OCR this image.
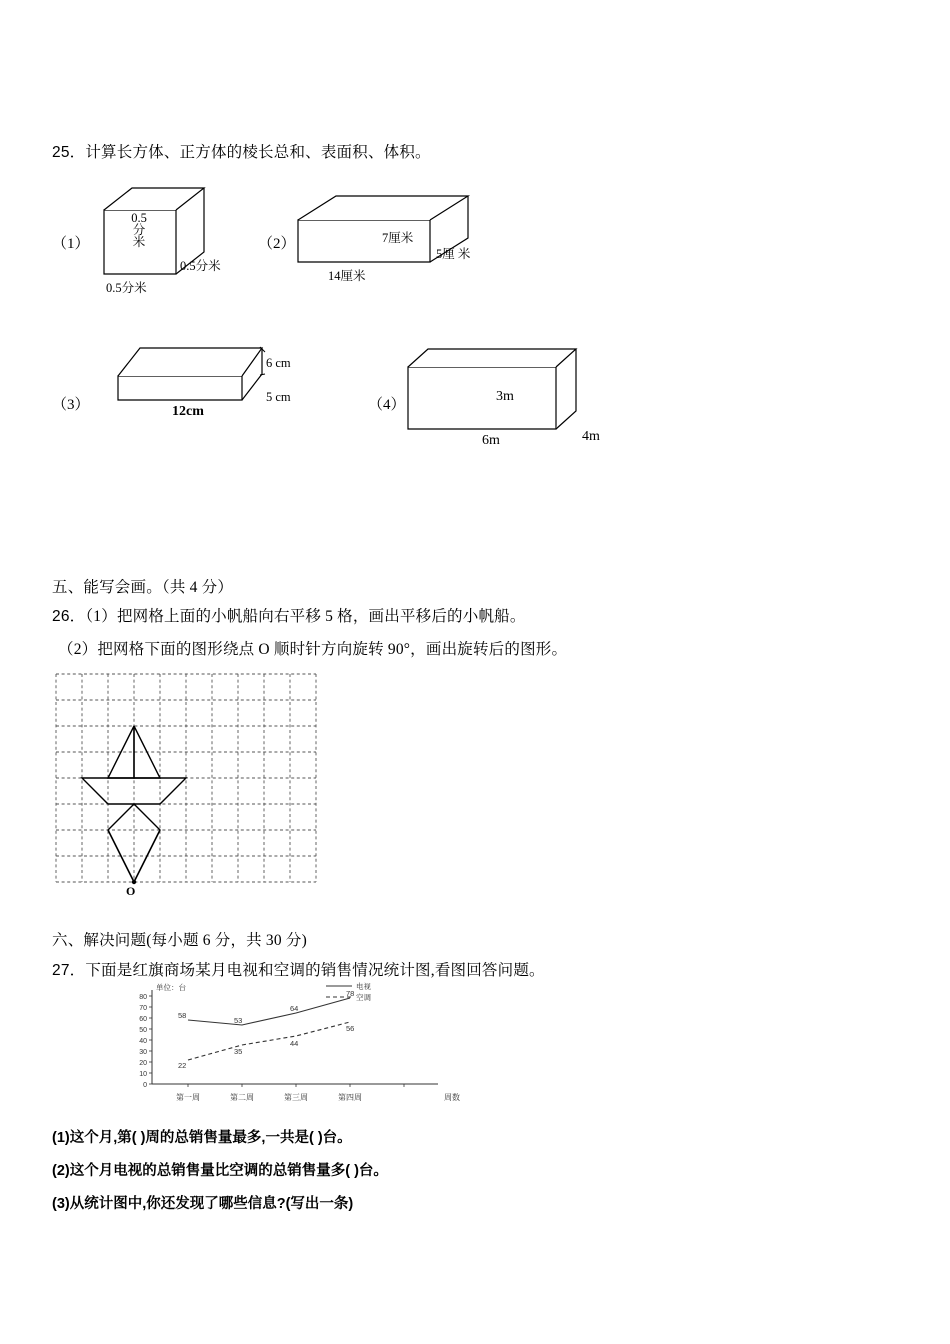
25．计算长方体、正方体的棱长总和、表面积、体积。
（1）	（2）
（3）	（4）
0.5
分
米
0.5分米
0.5分米
7厘米
5厘 米
14厘米
6 cm
5 cm
12cm
3m
4m
6m
五、能写会画。（共 4 分）
26．（1）把网格上面的小帆船向右平移 5 格，画出平移后的小帆船。
（2）把网格下面的图形绕点 O 顺时针方向旋转 90°，画出旋转后的图形。
O
六、解决问题(每小题 6 分，共 30 分)
27．下面是红旗商场某月电视和空调的销售情况统计图,看图回答问题。
0
10
20
30
40
50
60
70
80
58
53
64
78
22
35
44
56
电视
空调
单位：台
周数
第一周	第二周	第三周	第四周
(1)这个月,第( )周的总销售量最多,一共是( )台。
(2)这个月电视的总销售量比空调的总销售量多( )台。
(3)从统计图中,你还发现了哪些信息?(写出一条)
